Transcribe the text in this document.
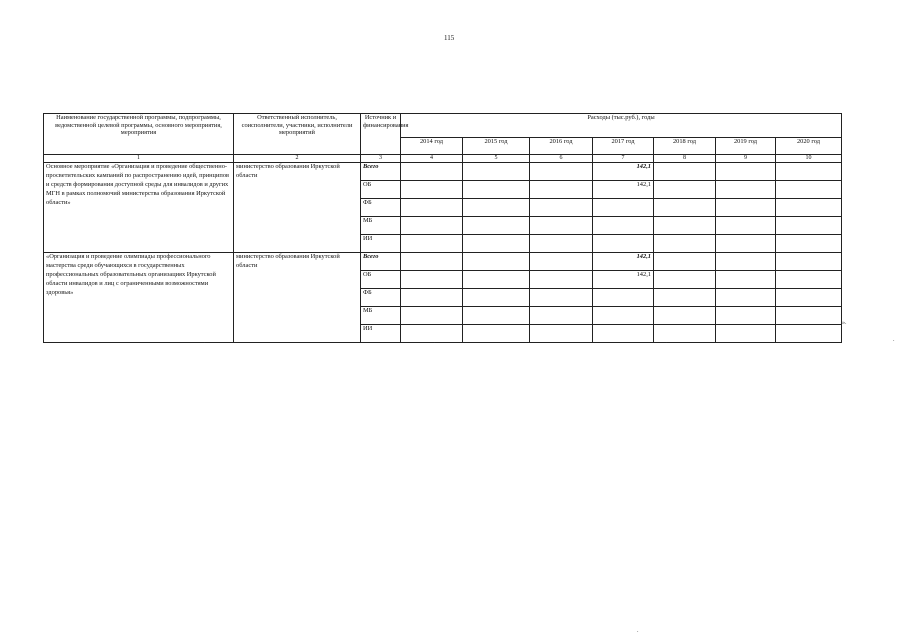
115
Наименование государственной программы, подпрограммы, ведомственной целевой программы, основного мероприятия, мероприятия	Ответственный исполнитель, соисполнители, участники, исполнители мероприятий	Источник и финансирования	Расходы (тыс.руб.), годы						
			2014 год	2015 год	2016 год	2017 год	2018 год	2019 год	2020 год
1	2	3	4	5	6	7	8	9	10
Основное мероприятие «Организация и проведение общественно-просветительских кампаний по распространению идей, принципов и средств формирования доступной среды для инвалидов и других МГН в рамках полномочий министерства образования Иркутской области»	министерство образования Иркутской области	Всего				142,1			
		ОБ				142,1			
		ФБ							
		МБ							
		ИИ							
«Организация и проведение олимпиады профессионального мастерства среди обучающихся в государственных профессиональных образовательных организациях Иркутской области инвалидов и лиц с ограниченными возможностями здоровья»	министерство образования Иркутской области	Всего				142,1			
		ОБ				142,1			
		ФБ							
		МБ							
		ИИ							
».
.	.	.	.
.
